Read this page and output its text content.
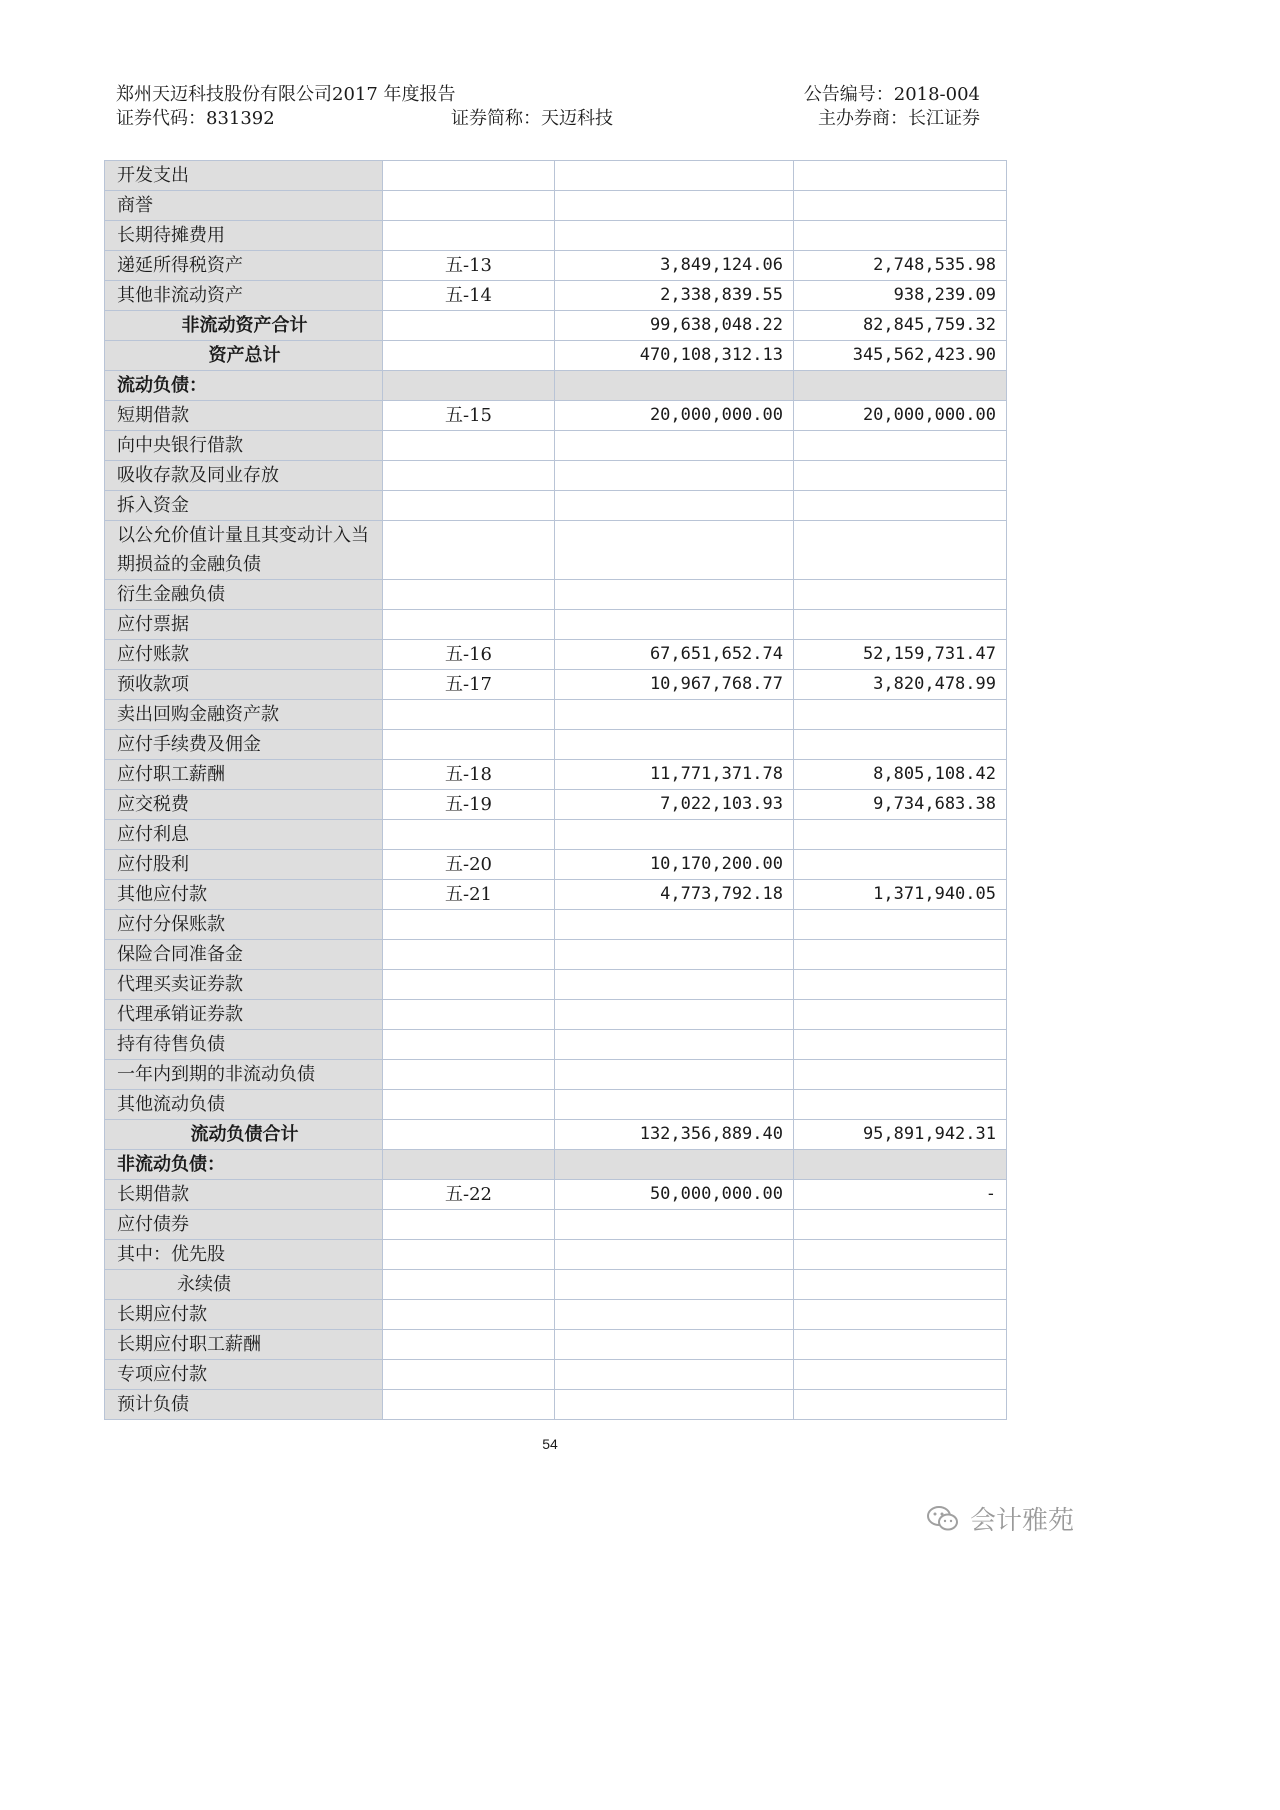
郑州天迈科技股份有限公司2017 年度报告	公告编号：2018-004
证券代码：831392	证券简称：天迈科技	主办券商：长江证券
开发支出			
商誉			
长期待摊费用			
递延所得税资产	五-13	3,849,124.06	2,748,535.98
其他非流动资产	五-14	2,338,839.55	938,239.09
非流动资产合计		99,638,048.22	82,845,759.32
资产总计		470,108,312.13	345,562,423.90
流动负债：			
短期借款	五-15	20,000,000.00	20,000,000.00
向中央银行借款			
吸收存款及同业存放			
拆入资金			
以公允价值计量且其变动计入当期损益的金融负债			
衍生金融负债			
应付票据			
应付账款	五-16	67,651,652.74	52,159,731.47
预收款项	五-17	10,967,768.77	3,820,478.99
卖出回购金融资产款			
应付手续费及佣金			
应付职工薪酬	五-18	11,771,371.78	8,805,108.42
应交税费	五-19	7,022,103.93	9,734,683.38
应付利息			
应付股利	五-20	10,170,200.00	
其他应付款	五-21	4,773,792.18	1,371,940.05
应付分保账款			
保险合同准备金			
代理买卖证券款			
代理承销证券款			
持有待售负债			
一年内到期的非流动负债			
其他流动负债			
流动负债合计		132,356,889.40	95,891,942.31
非流动负债：			
长期借款	五-22	50,000,000.00	-
应付债券			
其中：优先股			
永续债			
长期应付款			
长期应付职工薪酬			
专项应付款			
预计负债			
54
会计雅苑
